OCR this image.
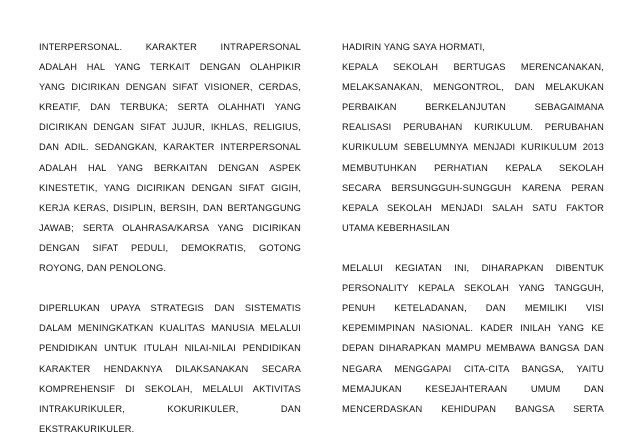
INTERPERSONAL. KARAKTER INTRAPERSONAL
ADALAH HAL YANG TERKAIT DENGAN OLAHPIKIR
YANG DICIRIKAN DENGAN SIFAT VISIONER, CERDAS,
KREATIF, DAN TERBUKA; SERTA OLAHHATI YANG
DICIRIKAN DENGAN SIFAT JUJUR, IKHLAS, RELIGIUS,
DAN ADIL. SEDANGKAN, KARAKTER INTERPERSONAL
ADALAH HAL YANG BERKAITAN DENGAN ASPEK
KINESTETIK, YANG DICIRIKAN DENGAN SIFAT GIGIH,
KERJA KERAS, DISIPLIN, BERSIH, DAN BERTANGGUNG
JAWAB; SERTA OLAHRASA/KARSA YANG DICIRIKAN
DENGAN SIFAT PEDULI, DEMOKRATIS, GOTONG
ROYONG, DAN PENOLONG.
DIPERLUKAN UPAYA STRATEGIS DAN SISTEMATIS
DALAM MENINGKATKAN KUALITAS MANUSIA MELALUI
PENDIDIKAN UNTUK ITULAH NILAI-NILAI PENDIDIKAN
KARAKTER HENDAKNYA DILAKSANAKAN SECARA
KOMPREHENSIF DI SEKOLAH, MELALUI AKTIVITAS
INTRAKURIKULER, KOKURIKULER, DAN
EKSTRAKURIKULER.
HADIRIN YANG SAYA HORMATI,
KEPALA SEKOLAH BERTUGAS MERENCANAKAN,
MELAKSANAKAN, MENGONTROL, DAN MELAKUKAN
PERBAIKAN BERKELANJUTAN SEBAGAIMANA
REALISASI PERUBAHAN KURIKULUM. PERUBAHAN
KURIKULUM SEBELUMNYA MENJADI KURIKULUM 2013
MEMBUTUHKAN PERHATIAN KEPALA SEKOLAH
SECARA BERSUNGGUH-SUNGGUH KARENA PERAN
KEPALA SEKOLAH MENJADI SALAH SATU FAKTOR
UTAMA KEBERHASILAN
MELALUI KEGIATAN INI, DIHARAPKAN DIBENTUK
PERSONALITY KEPALA SEKOLAH YANG TANGGUH,
PENUH KETELADANAN, DAN MEMILIKI VISI
KEPEMIMPINAN NASIONAL. KADER INILAH YANG KE
DEPAN DIHARAPKAN MAMPU MEMBAWA BANGSA DAN
NEGARA MENGGAPAI CITA-CITA BANGSA, YAITU
MEMAJUKAN KESEJAHTERAAN UMUM DAN
MENCERDASKAN KEHIDUPAN BANGSA SERTA
